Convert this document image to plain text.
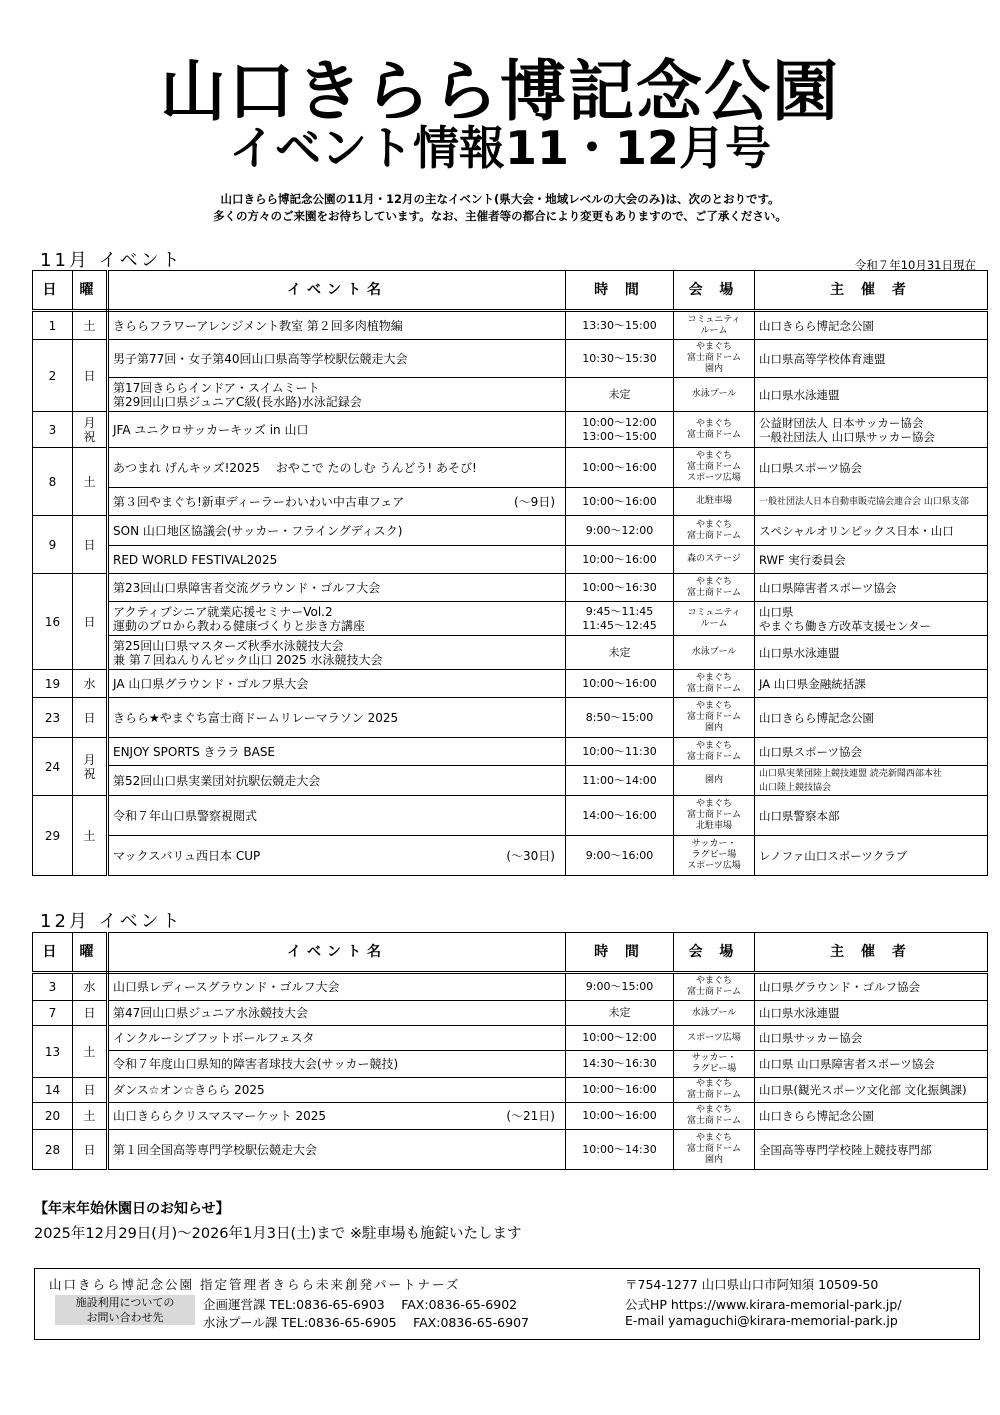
山口きらら博記念公園
イベント情報11・12月号
山口きらら博記念公園の11月・12月の主なイベント(県大会・地域レベルの大会のみ)は、次のとおりです。
多くの方々のご来園をお待ちしています。なお、主催者等の都合により変更もありますので、ご了承ください。
11月 イベント	令和７年10月31日現在
日	曜	イベント名	時 間	会 場	主 催 者
1	土	きららフラワーアレンジメント教室 第２回多肉植物編	13:30～15:00	コミュニティ
ルーム	山口きらら博記念公園
2	日	男子第77回・女子第40回山口県高等学校駅伝競走大会	10:30～15:30	やまぐち
富士商ドーム
園内	山口県高等学校体育連盟
		第17回きららインドア・スイムミート
第29回山口県ジュニアC級(長水路)水泳記録会	未定	水泳プール	山口県水泳連盟
3	月
祝	JFA ユニクロサッカーキッズ in 山口	10:00～12:00
13:00～15:00	やまぐち
富士商ドーム	公益財団法人 日本サッカー協会
一般社団法人 山口県サッカー協会
8	土	あつまれ げんキッズ!2025　 おやこで たのしむ うんどう! あそび!	10:00～16:00	やまぐち
富士商ドーム
スポーツ広場	山口県スポーツ協会
		第３回やまぐち!新車ディーラーわいわい中古車フェア (～9日)	10:00～16:00	北駐車場	一般社団法人日本自動車販売協会連合会 山口県支部
9	日	SON 山口地区協議会(サッカー・フライングディスク)	9:00～12:00	やまぐち
富士商ドーム	スペシャルオリンピックス日本・山口
		RED WORLD FESTIVAL2025	10:00～16:00	森のステージ	RWF 実行委員会
16	日	第23回山口県障害者交流グラウンド・ゴルフ大会	10:00～16:30	やまぐち
富士商ドーム	山口県障害者スポーツ協会
		アクティブシニア就業応援セミナーVol.2
運動のプロから教わる健康づくりと歩き方講座	9:45～11:45
11:45～12:45	コミュニティ
ルーム	山口県
やまぐち働き方改革支援センター
		第25回山口県マスターズ秋季水泳競技大会
兼 第７回ねんりんピック山口 2025 水泳競技大会	未定	水泳プール	山口県水泳連盟
19	水	JA 山口県グラウンド・ゴルフ県大会	10:00～16:00	やまぐち
富士商ドーム	JA 山口県金融統括課
23	日	きらら★やまぐち富士商ドームリレーマラソン 2025	8:50～15:00	やまぐち
富士商ドーム
園内	山口きらら博記念公園
24	月
祝	ENJOY SPORTS きララ BASE	10:00～11:30	やまぐち
富士商ドーム	山口県スポーツ協会
		第52回山口県実業団対抗駅伝競走大会	11:00～14:00	園内	山口県実業団陸上競技連盟 読売新聞西部本社
山口陸上競技協会
29	土	令和７年山口県警察視閲式	14:00～16:00	やまぐち
富士商ドーム
北駐車場	山口県警察本部
		マックスバリュ西日本 CUP (～30日)	9:00～16:00	サッカー・
ラグビー場
スポーツ広場	レノファ山口スポーツクラブ
12月 イベント
日	曜	イベント名	時 間	会 場	主 催 者
3	水	山口県レディースグラウンド・ゴルフ大会	9:00～15:00	やまぐち
富士商ドーム	山口県グラウンド・ゴルフ協会
7	日	第47回山口県ジュニア水泳競技大会	未定	水泳プール	山口県水泳連盟
13	土	インクルーシブフットボールフェスタ	10:00～12:00	スポーツ広場	山口県サッカー協会
		令和７年度山口県知的障害者球技大会(サッカー競技)	14:30～16:30	サッカー・
ラグビー場	山口県 山口県障害者スポーツ協会
14	日	ダンス☆オン☆きらら 2025	10:00～16:00	やまぐち
富士商ドーム	山口県(観光スポーツ文化部 文化振興課)
20	土	山口きららクリスマスマーケット 2025 (～21日)	10:00～16:00	やまぐち
富士商ドーム	山口きらら博記念公園
28	日	第１回全国高等専門学校駅伝競走大会	10:00～14:30	やまぐち
富士商ドーム
園内	全国高等専門学校陸上競技専門部
【年末年始休園日のお知らせ】
2025年12月29日(月)～2026年1月3日(土)まで ※駐車場も施錠いたします
山口きらら博記念公園 指定管理者きらら未来創発パートナーズ	〒754-1277 山口県山口市阿知須 10509-50
施設利用についての
お問い合わせ先
企画運営課 TEL:0836-65-6903　 FAX:0836-65-6902
水泳プール課 TEL:0836-65-6905　 FAX:0836-65-6907
公式HP https://www.kirara-memorial-park.jp/
E-mail yamaguchi@kirara-memorial-park.jp
